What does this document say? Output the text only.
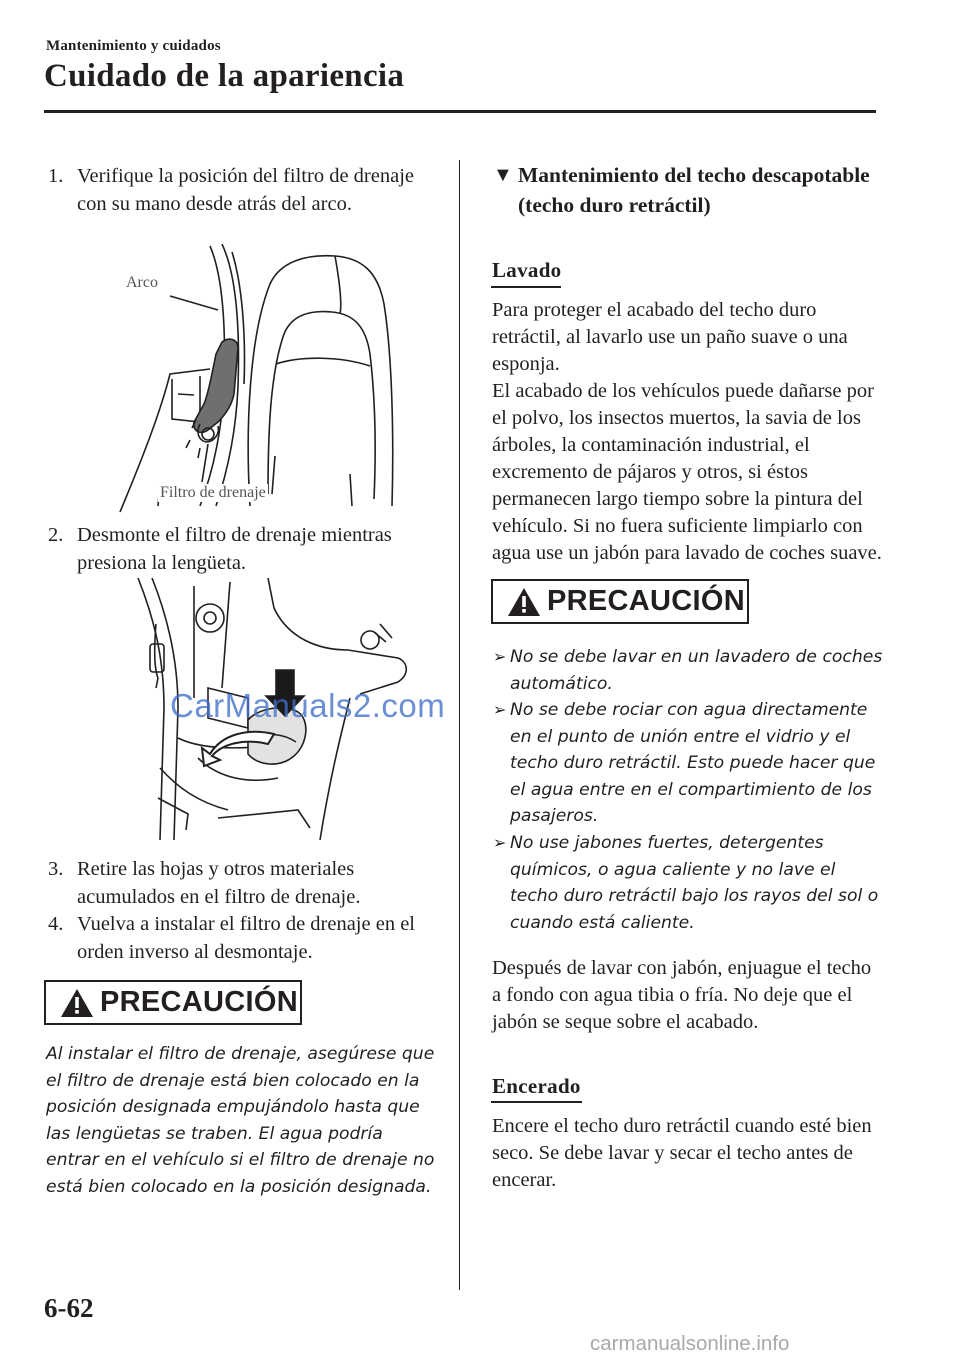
Mantenimiento y cuidados
Cuidado de la apariencia
1. Verifique la posición del filtro de drenaje con su mano desde atrás del arco.
Arco
Filtro de drenaje
2. Desmonte el filtro de drenaje mientras presiona la lengüeta.
CarManuals2.com
3. Retire las hojas y otros materiales acumulados en el filtro de drenaje.
4. Vuelva a instalar el filtro de drenaje en el orden inverso al desmontaje.
PRECAUCIÓN
Al instalar el filtro de drenaje, asegúrese que el filtro de drenaje está bien colocado en la posición designada empujándolo hasta que las lengüetas se traben. El agua podría entrar en el vehículo si el filtro de drenaje no está bien colocado en la posición designada.
▼ Mantenimiento del techo descapotable (techo duro retráctil)
Lavado
Para proteger el acabado del techo duro retráctil, al lavarlo use un paño suave o una esponja.
El acabado de los vehículos puede dañarse por el polvo, los insectos muertos, la savia de los árboles, la contaminación industrial, el excremento de pájaros y otros, si éstos permanecen largo tiempo sobre la pintura del vehículo. Si no fuera suficiente limpiarlo con agua use un jabón para lavado de coches suave.
PRECAUCIÓN
➢ No se debe lavar en un lavadero de coches automático.
➢ No se debe rociar con agua directamente en el punto de unión entre el vidrio y el techo duro retráctil. Esto puede hacer que el agua entre en el compartimiento de los pasajeros.
➢ No use jabones fuertes, detergentes químicos, o agua caliente y no lave el techo duro retráctil bajo los rayos del sol o cuando está caliente.
Después de lavar con jabón, enjuague el techo a fondo con agua tibia o fría. No deje que el jabón se seque sobre el acabado.
Encerado
Encere el techo duro retráctil cuando esté bien seco. Se debe lavar y secar el techo antes de encerar.
6-62
carmanualsonline.info
